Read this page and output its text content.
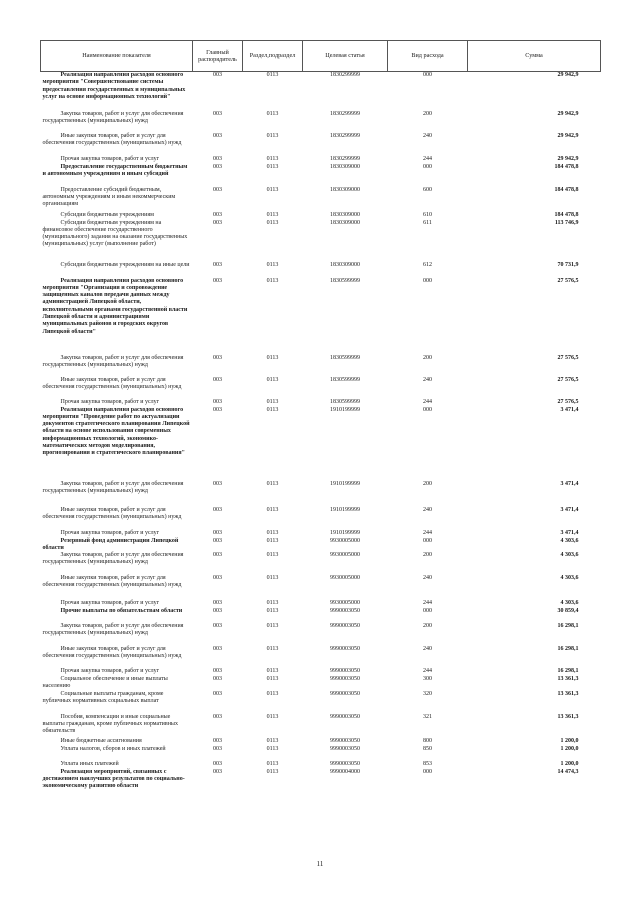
Наименование показателя	Главный распорядитель	Раздел,подраздел	Целевая статья	Вид расхода	Сумма
Реализация направления расходов основного мероприятия "Совершенствование системы предоставления государственных и муниципальных услуг на основе информационных технологий"	003	0113	1830299999	000	29 942,9
Закупка товаров, работ и услуг для обеспечения государственных (муниципальных) нужд	003	0113	1830299999	200	29 942,9
Иные закупки товаров, работ и услуг для обеспечения государственных (муниципальных) нужд	003	0113	1830299999	240	29 942,9
Прочая закупка товаров, работ и услуг	003	0113	1830299999	244	29 942,9
Предоставление государственным бюджетным и автономным учреждениям и иным субсидий	003	0113	1830309000	000	184 478,8
Предоставление субсидий бюджетным, автономным учреждениям и иным некоммерческим организациям	003	0113	1830309000	600	184 478,8
Субсидии бюджетным учреждениям	003	0113	1830309000	610	184 478,8
Субсидии бюджетным учреждениям на финансовое обеспечение государственного (муниципального) задания на оказание государственных (муниципальных) услуг (выполнение работ)	003	0113	1830309000	611	113 746,9
Субсидии бюджетным учреждениям на иные цели	003	0113	1830309000	612	70 731,9
Реализация направления расходов основного мероприятия "Организация и сопровождение защищенных каналов передачи данных между администрацией Липецкой области, исполнительными органами государственной власти Липецкой области и администрациями муниципальных районов и городских округов Липецкой области"	003	0113	1830599999	000	27 576,5
Закупка товаров, работ и услуг для обеспечения государственных (муниципальных) нужд	003	0113	1830599999	200	27 576,5
Иные закупки товаров, работ и услуг для обеспечения государственных (муниципальных) нужд	003	0113	1830599999	240	27 576,5
Прочая закупка товаров, работ и услуг	003	0113	1830599999	244	27 576,5
Реализация направления расходов основного мероприятия "Проведение работ по актуализации документов стратегического планирования Липецкой области на основе использования современных информационных технологий, экономико-математических методов моделирования, прогнозирования и стратегического планирования"	003	0113	1910199999	000	3 471,4
Закупка товаров, работ и услуг для обеспечения государственных (муниципальных) нужд	003	0113	1910199999	200	3 471,4
Иные закупки товаров, работ и услуг для обеспечения государственных (муниципальных) нужд	003	0113	1910199999	240	3 471,4
Прочая закупка товаров, работ и услуг	003	0113	1910199999	244	3 471,4
Резервный фонд администрации Липецкой области	003	0113	9930005000	000	4 303,6
Закупка товаров, работ и услуг для обеспечения государственных (муниципальных) нужд	003	0113	9930005000	200	4 303,6
Иные закупки товаров, работ и услуг для обеспечения государственных (муниципальных) нужд	003	0113	9930005000	240	4 303,6
Прочая закупка товаров, работ и услуг	003	0113	9930005000	244	4 303,6
Прочие выплаты по обязательствам области	003	0113	9990003050	000	30 859,4
Закупка товаров, работ и услуг для обеспечения государственных (муниципальных) нужд	003	0113	9990003050	200	16 298,1
Иные закупки товаров, работ и услуг для обеспечения государственных (муниципальных) нужд	003	0113	9990003050	240	16 298,1
Прочая закупка товаров, работ и услуг	003	0113	9990003050	244	16 298,1
Социальное обеспечение и иные выплаты населению	003	0113	9990003050	300	13 361,3
Социальные выплаты гражданам, кроме публичных нормативных социальных выплат	003	0113	9990003050	320	13 361,3
Пособия, компенсации и иные социальные выплаты гражданам, кроме публичных нормативных обязательств	003	0113	9990003050	321	13 361,3
Иные бюджетные ассигнования	003	0113	9990003050	800	1 200,0
Уплата налогов, сборов и иных платежей	003	0113	9990003050	850	1 200,0
Уплата иных платежей	003	0113	9990003050	853	1 200,0
Реализация мероприятий, связанных с достижением наилучших результатов по социально-экономическому развитию области	003	0113	9990004000	000	14 474,3
11
